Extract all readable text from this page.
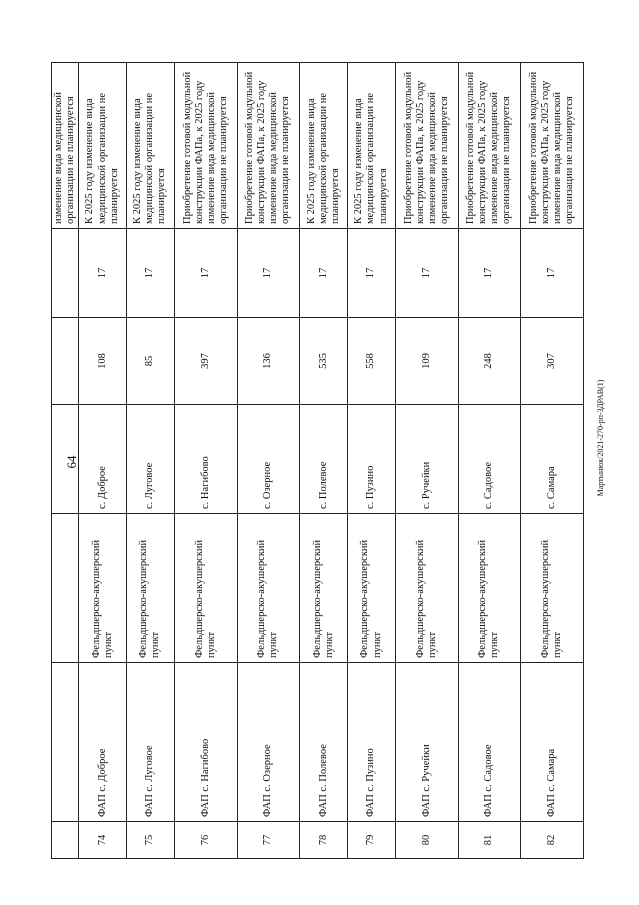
64	Мартынюк/2021-270-рп-ЗДРАВ(1)
						изменение вида медицинской организации не планируется
74	ФАП с. Доброе	Фельдшерско-акушерский пункт	с. Доброе	108	17	К 2025 году изменение вида медицинской организации не планируется
75	ФАП с. Луговое	Фельдшерско-акушерский пункт	с. Луговое	85	17	К 2025 году изменение вида медицинской организации не планируется
76	ФАП с. Нагибово	Фельдшерско-акушерский пункт	с. Нагибово	397	17	Приобретение готовой модульной конструкции ФАПа, к 2025 году изменение вида медицинской организации не планируется
77	ФАП с. Озерное	Фельдшерско-акушерский пункт	с. Озерное	136	17	Приобретение готовой модульной конструкции ФАПа, к 2025 году изменение вида медицинской организации не планируется
78	ФАП с. Полевое	Фельдшерско-акушерский пункт	с. Полевое	535	17	К 2025 году изменение вида медицинской организации не планируется
79	ФАП с. Пузино	Фельдшерско-акушерский пункт	с. Пузино	558	17	К 2025 году изменение вида медицинской организации не планируется
80	ФАП с. Ручейки	Фельдшерско-акушерский пункт	с. Ручейки	109	17	Приобретение готовой модульной конструкции ФАПа, к 2025 году изменение вида медицинской организации не планируется
81	ФАП с. Садовое	Фельдшерско-акушерский пункт	с. Садовое	248	17	Приобретение готовой модульной конструкции ФАПа, к 2025 году изменение вида медицинской организации не планируется
82	ФАП с. Самара	Фельдшерско-акушерский пункт	с. Самара	307	17	Приобретение готовой модульной конструкции ФАПа, к 2025 году изменение вида медицинской организации не планируется
